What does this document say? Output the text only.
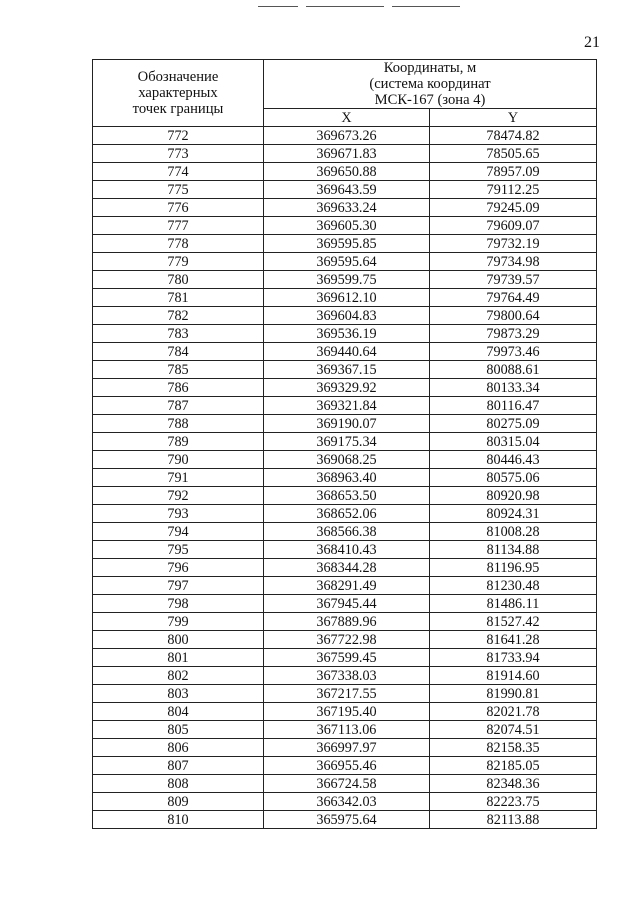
21
Обозначение
характерных
точек границы	Координаты, м
(система координат
МСК-167 (зона 4)	

	X	Y
772	369673.26	78474.82
773	369671.83	78505.65
774	369650.88	78957.09
775	369643.59	79112.25
776	369633.24	79245.09
777	369605.30	79609.07
778	369595.85	79732.19
779	369595.64	79734.98
780	369599.75	79739.57
781	369612.10	79764.49
782	369604.83	79800.64
783	369536.19	79873.29
784	369440.64	79973.46
785	369367.15	80088.61
786	369329.92	80133.34
787	369321.84	80116.47
788	369190.07	80275.09
789	369175.34	80315.04
790	369068.25	80446.43
791	368963.40	80575.06
792	368653.50	80920.98
793	368652.06	80924.31
794	368566.38	81008.28
795	368410.43	81134.88
796	368344.28	81196.95
797	368291.49	81230.48
798	367945.44	81486.11
799	367889.96	81527.42
800	367722.98	81641.28
801	367599.45	81733.94
802	367338.03	81914.60
803	367217.55	81990.81
804	367195.40	82021.78
805	367113.06	82074.51
806	366997.97	82158.35
807	366955.46	82185.05
808	366724.58	82348.36
809	366342.03	82223.75
810	365975.64	82113.88
